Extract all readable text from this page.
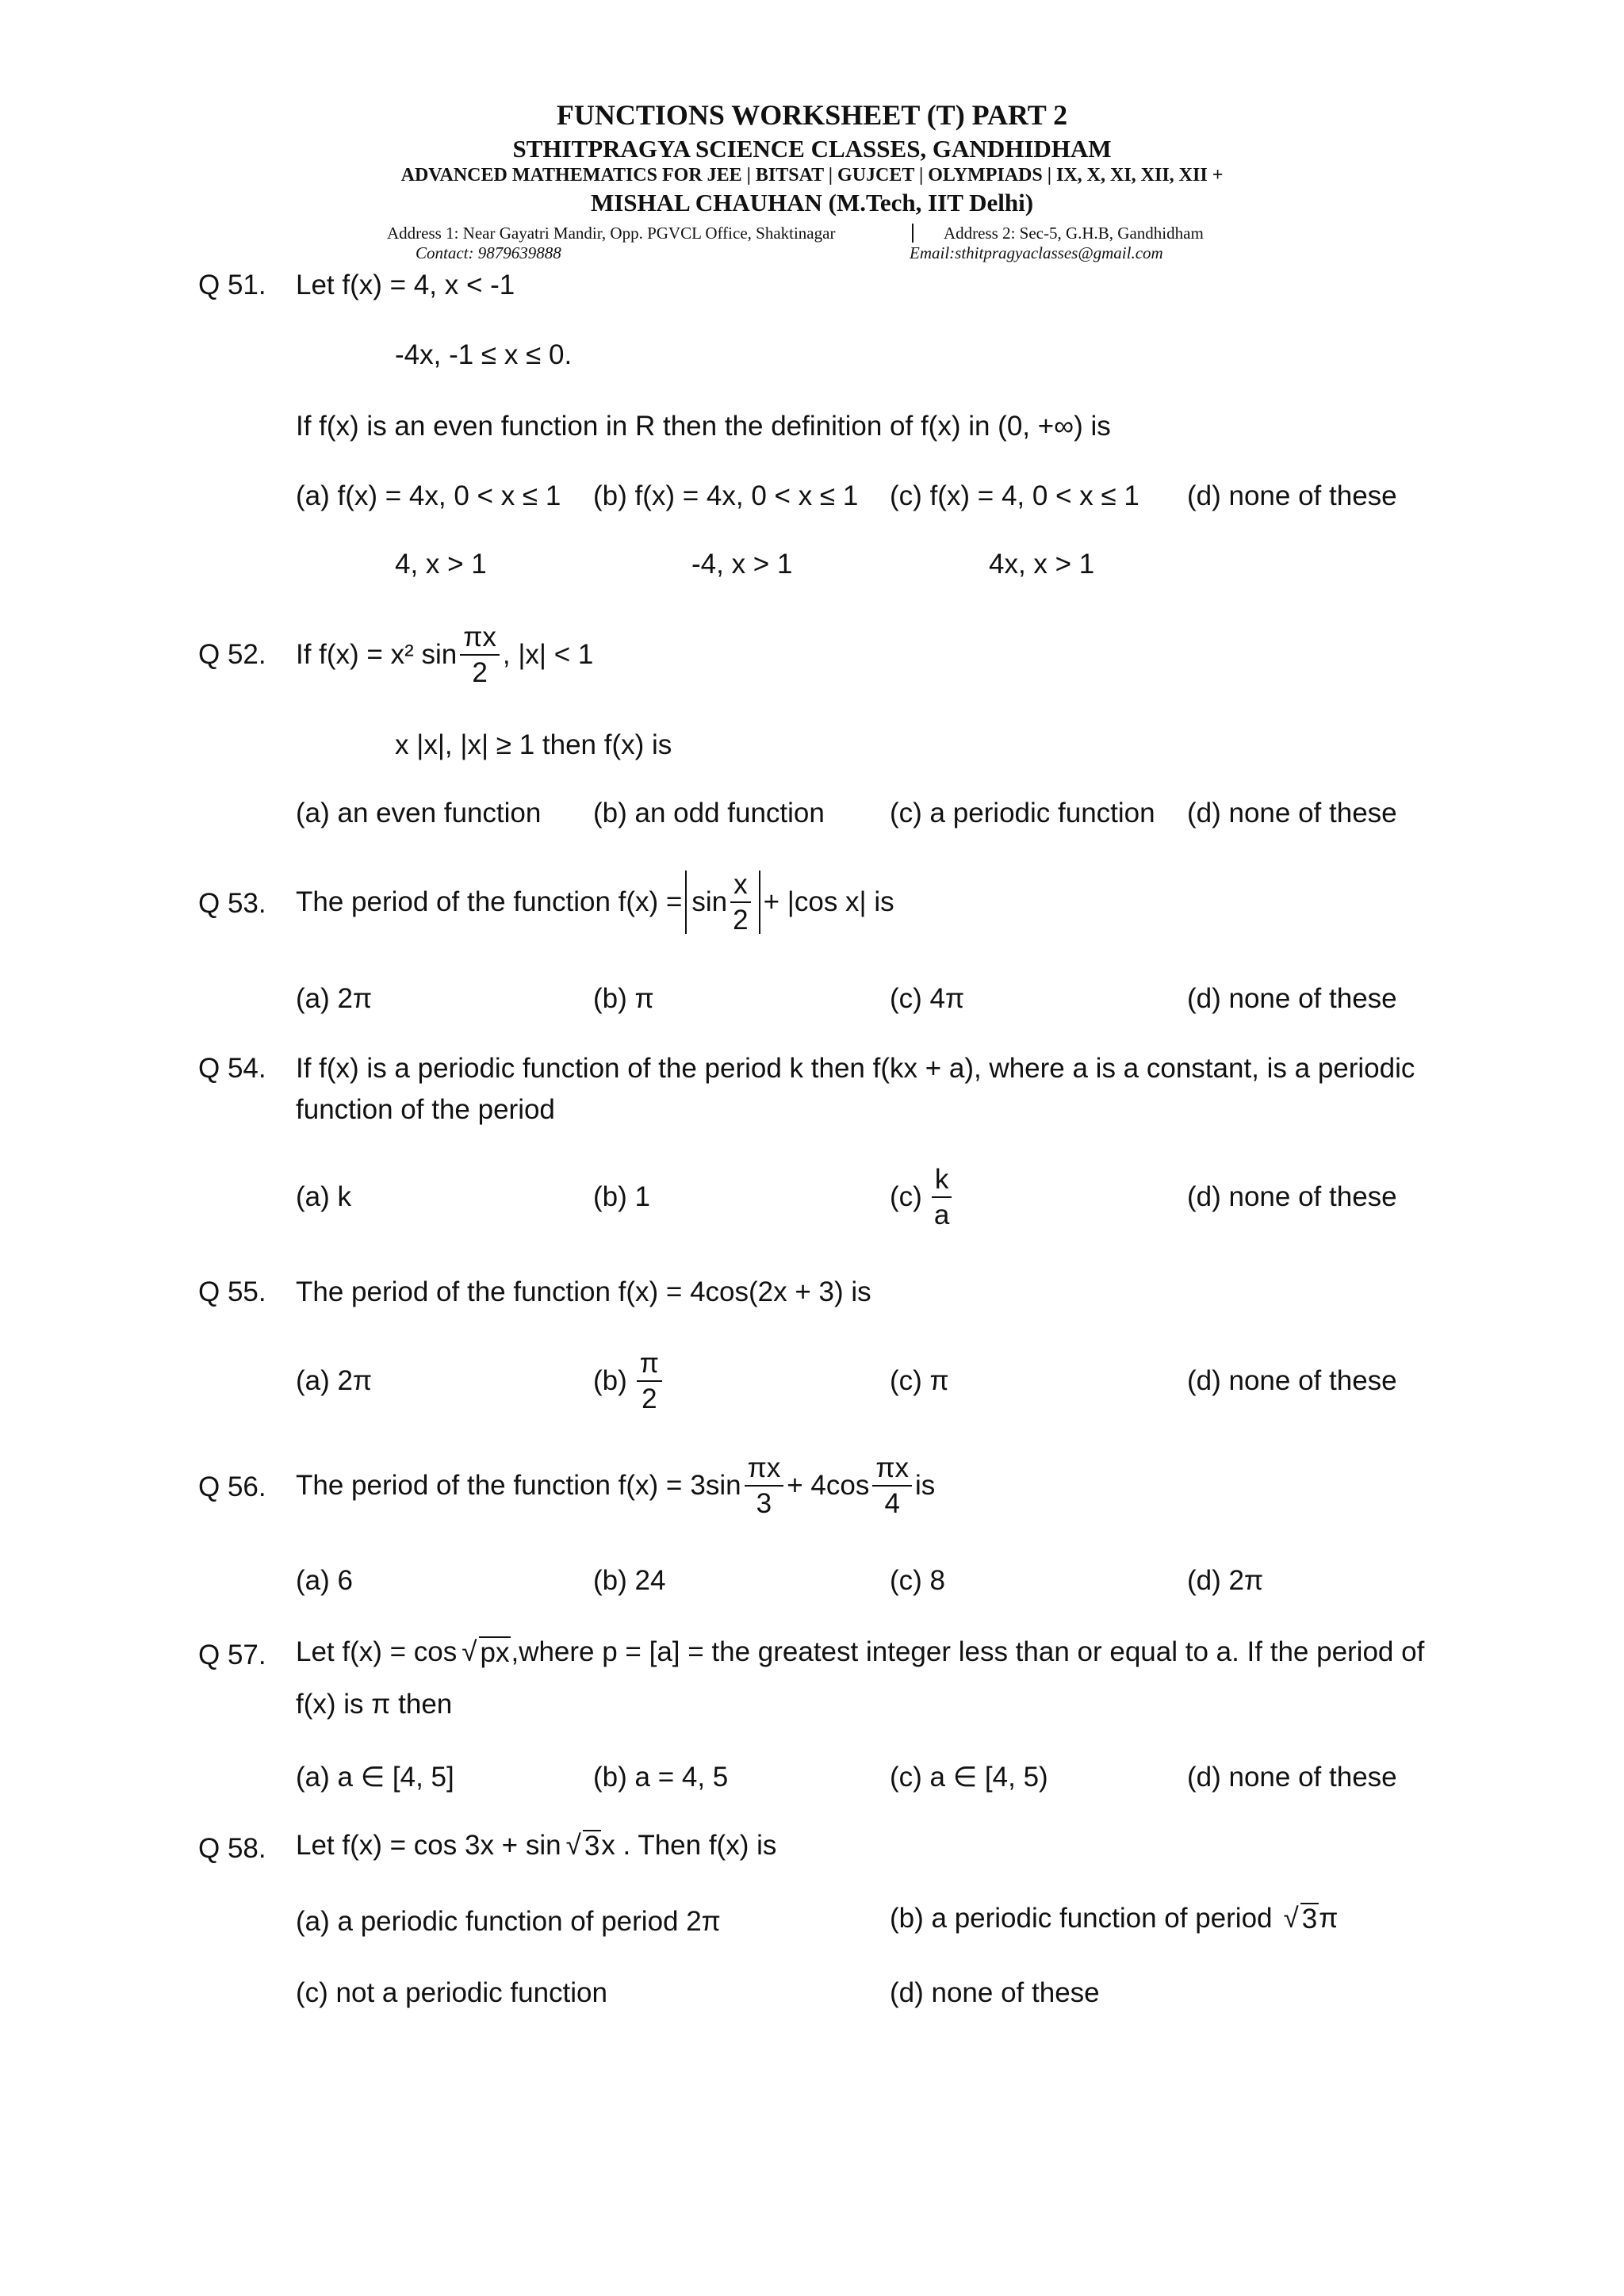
FUNCTIONS WORKSHEET (T) PART 2
STHITPRAGYA SCIENCE CLASSES, GANDHIDHAM
ADVANCED MATHEMATICS FOR JEE | BITSAT | GUJCET | OLYMPIADS | IX, X, XI, XII, XII +
MISHAL CHAUHAN (M.Tech, IIT Delhi)
Address 1: Near Gayatri Mandir, Opp. PGVCL Office, Shaktinagar	Address 2: Sec-5, G.H.B, Gandhidham
Contact: 9879639888	Email:sthitpragyaclasses@gmail.com
Q 51. Let f(x) = 4, x < -1
-4x, -1 ≤ x ≤ 0.
If f(x) is an even function in R then the definition of f(x) in (0, +∞) is
(a) f(x) = 4x, 0 < x ≤ 1 (b) f(x) = 4x, 0 < x ≤ 1 (c) f(x) = 4, 0 < x ≤ 1 (d) none of these
4, x > 1	-4, x > 1	4x, x > 1
Q 52. If f(x) = x² $\sin \frac{\pi x}{2}$ , |x| < 1
x |x|, |x| ≥ 1 then f(x) is
(a) an even function (b) an odd function (c) a periodic function (d) none of these
Q 53. The period of the function $f(x) = \sin \frac{x}{2} + |\cos$ x| is
(a) 2π	(b) π	(c) 4π	(d) none of these
Q 54. If f(x) is a periodic function of the period k then f(kx + a), where a is a constant, is a periodic
function of the period
(a) k	(b) 1	$(c) \frac{k}{a}$	(d) none of these
Q 55. The period of the function f(x) = 4cos(2x + 3) is
(a) 2π	$(b) \frac{\pi}{2}$	(c) π	(d) none of these
Q 56. The period of the function $f(x) = 3\sin \frac{\pi x}{3} + 4\cos \frac{\pi x}{4}$ is
(a) 6	(b) 24	(c) 8	(d) 2π
Q 57. Let f(x) = cos √ px ,where p = [a] = the greatest integer less than or equal to a. If the period of
f(x) is π then
(a) a ∈ [4, 5]	(b) a = 4, 5	(c) a ∈ [4, 5)	(d) none of these
Q 58. Let f(x) = cos 3x + sin √ 3 x . Then f(x) is
(a) a periodic function of period 2π	(b) a periodic function of period √ 3 π
(c) not a periodic function	(d) none of these
